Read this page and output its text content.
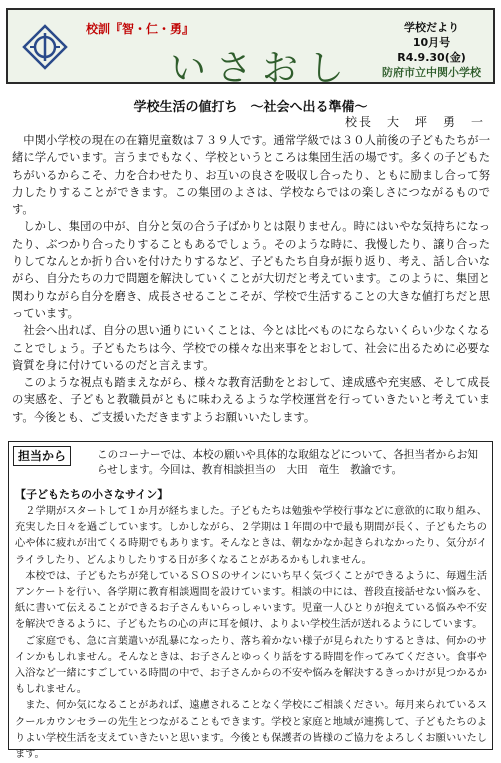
校訓『智・仁・勇』
いさおし
学校だより
10月号
R4.9.30(金)
防府市立中関小学校
学校生活の値打ち　～社会へ出る準備～
校長　大　坪　勇　一

中関小学校の現在の在籍児童数は７３９人です。通常学級では３０人前後の子どもたちが一緒に学んでいます。言うまでもなく、学校というところは集団生活の場です。多くの子どもたちがいるからこそ、力を合わせたり、お互いの良さを吸収し合ったり、ともに励まし合って努力したりすることができます。この集団のよさは、学校ならではの楽しさにつながるものです。

しかし、集団の中が、自分と気の合う子ばかりとは限りません。時にはいやな気持ちになったり、ぶつかり合ったりすることもあるでしょう。そのような時に、我慢したり、譲り合ったりしてなんとか折り合いを付けたりするなど、子どもたち自身が振り返り、考え、話し合いながら、自分たちの力で問題を解決していくことが大切だと考えています。このように、集団と関わりながら自分を磨き、成長させることこそが、学校で生活することの大きな値打ちだと思っています。

社会へ出れば、自分の思い通りにいくことは、今とは比べものにならないくらい少なくなることでしょう。子どもたちは今、学校での様々な出来事をとおして、社会に出るために必要な資質を身に付けているのだと言えます。

このような視点も踏まえながら、様々な教育活動をとおして、達成感や充実感、そして成長の実感を、子どもと教職員がともに味わえるような学校運営を行っていきたいと考えています。今後とも、ご支援いただきますようお願いいたします。

担当から	このコーナーでは、本校の願いや具体的な取組などについて、各担当者からお知らせします。今回は、教育相談担当の　大田　竜生　教諭です。
【子どもたちの小さなサイン】

２学期がスタートして１か月が経ちました。子どもたちは勉強や学校行事などに意欲的に取り組み、充実した日々を過ごしています。しかしながら、２学期は１年間の中で最も期間が長く、子どもたちの心や体に疲れが出てくる時期でもあります。そんなときは、朝なかなか起きられなかったり、気分がイライラしたり、どんよりしたりする日が多くなることがあるかもしれません。

本校では、子どもたちが発しているＳＯＳのサインにいち早く気づくことができるように、毎週生活アンケートを行い、各学期に教育相談週間を設けています。相談の中には、普段直接話せない悩みを、紙に書いて伝えることができるお子さんもいらっしゃいます。児童一人ひとりが抱えている悩みや不安を解決できるように、子どもたちの心の声に耳を傾け、よりよい学校生活が送れるようにしています。

ご家庭でも、急に言葉遣いが乱暴になったり、落ち着かない様子が見られたりするときは、何かのサインかもしれません。そんなときは、お子さんとゆっくり話をする時間を作ってみてください。食事や入浴など一緒にすごしている時間の中で、お子さんからの不安や悩みを解決するきっかけが見つかるかもしれません。

また、何か気になることがあれば、遠慮されることなく学校にご相談ください。毎月来られているスクールカウンセラーの先生とつながることもできます。学校と家庭と地域が連携して、子どもたちのよりよい学校生活を支えていきたいと思います。今後とも保護者の皆様のご協力をよろしくお願いいたします。
